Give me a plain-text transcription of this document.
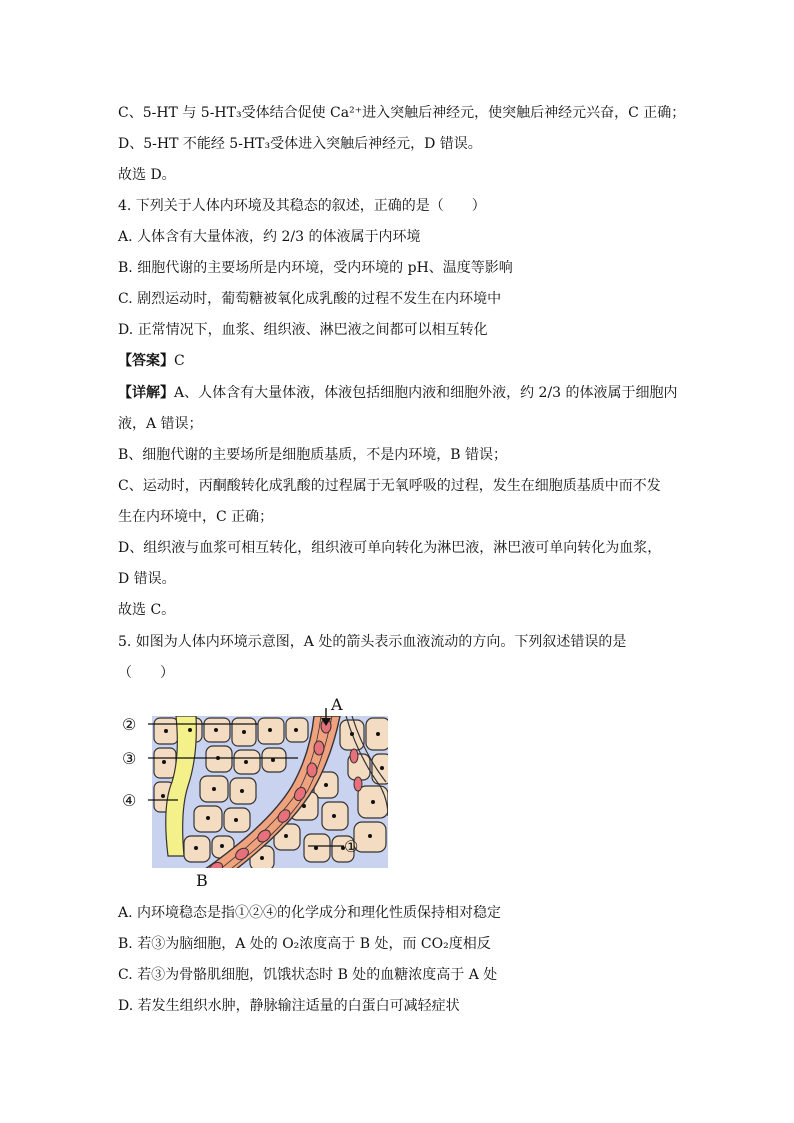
C、5-HT 与 5-HT₃受体结合促使 Ca²⁺进入突触后神经元，使突触后神经元兴奋，C 正确；
D、5-HT 不能经 5-HT₃受体进入突触后神经元，D 错误。
故选 D。
4. 下列关于人体内环境及其稳态的叙述，正确的是（　　）
A. 人体含有大量体液，约 2/3 的体液属于内环境
B. 细胞代谢的主要场所是内环境，受内环境的 pH、温度等影响
C. 剧烈运动时，葡萄糖被氧化成乳酸的过程不发生在内环境中
D. 正常情况下，血浆、组织液、淋巴液之间都可以相互转化
【答案】C
【详解】A、人体含有大量体液，体液包括细胞内液和细胞外液，约 2/3 的体液属于细胞内
液，A 错误；
B、细胞代谢的主要场所是细胞质基质，不是内环境，B 错误；
C、运动时，丙酮酸转化成乳酸的过程属于无氧呼吸的过程，发生在细胞质基质中而不发
生在内环境中，C 正确；
D、组织液与血浆可相互转化，组织液可单向转化为淋巴液，淋巴液可单向转化为血浆，
D 错误。
故选 C。
5. 如图为人体内环境示意图，A 处的箭头表示血液流动的方向。下列叙述错误的是
（　　）
②
③
④
①
A
B
A. 内环境稳态是指①②④的化学成分和理化性质保持相对稳定
B. 若③为脑细胞，A 处的 O₂浓度高于 B 处，而 CO₂度相反
C. 若③为骨骼肌细胞，饥饿状态时 B 处的血糖浓度高于 A 处
D. 若发生组织水肿，静脉输注适量的白蛋白可减轻症状
